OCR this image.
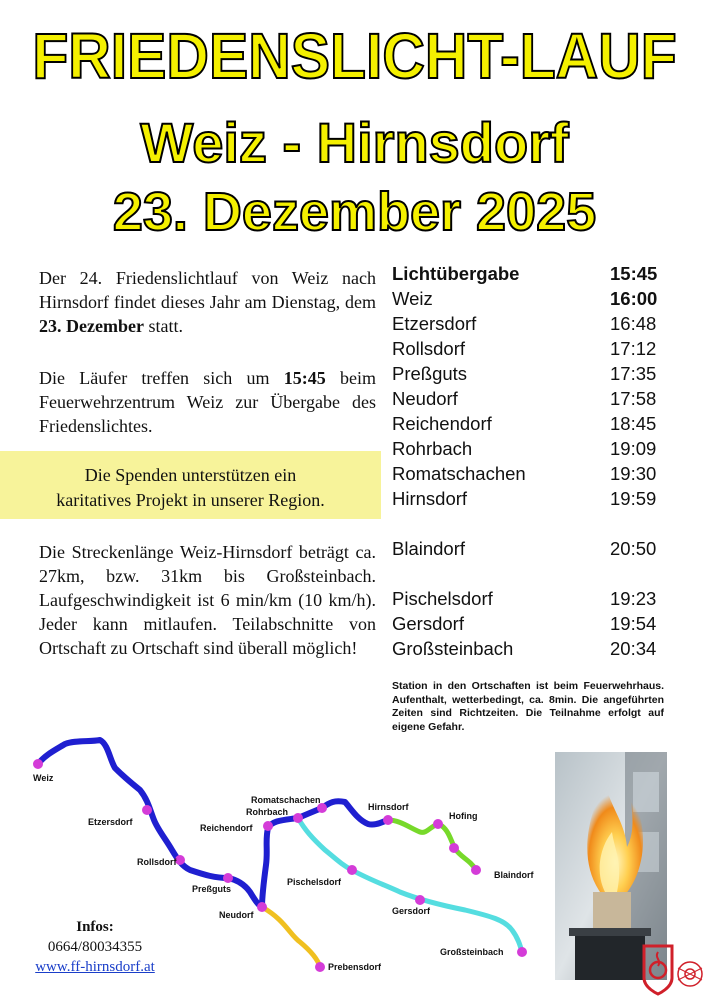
FRIEDENSLICHT-LAUF
Weiz - Hirnsdorf
23. Dezember 2025

Der 24. Friedenslichtlauf von Weiz nach Hirnsdorf findet dieses Jahr am Dienstag, dem 23. Dezember statt.

Die Läufer treffen sich um 15:45 beim Feuerwehrzentrum Weiz zur Übergabe des Friedenslichtes.

Die Spenden unterstützen ein
karitatives Projekt in unserer Region.

Die Streckenlänge Weiz-Hirnsdorf beträgt ca. 27km, bzw. 31km bis Großsteinbach. Laufgeschwindigkeit ist 6 min/km (10 km/h). Jeder kann mitlaufen. Teilabschnitte von Ortschaft zu Ortschaft sind überall möglich!

Lichtübergabe	15:45
Weiz	16:00
Etzersdorf	16:48
Rollsdorf	17:12
Preßguts	17:35
Neudorf	17:58
Reichendorf	18:45
Rohrbach	19:09
Romatschachen	19:30
Hirnsdorf	19:59
Blaindorf	20:50
Pischelsdorf	19:23
Gersdorf	19:54
Großsteinbach	20:34
Station in den Ortschaften ist beim Feuerwehrhaus. Aufenthalt, wetterbedingt, ca. 8min. Die angeführten Zeiten sind Richtzeiten. Die Teilnahme erfolgt auf eigene Gefahr.
Weiz
Etzersdorf
Rollsdorf
Preßguts
Neudorf
Prebensdorf
Reichendorf
Rohrbach
Romatschachen
Hirnsdorf
Hofing
Blaindorf
Pischelsdorf
Gersdorf
Großsteinbach
Infos:
0664/80034355
www.ff-hirnsdorf.at
